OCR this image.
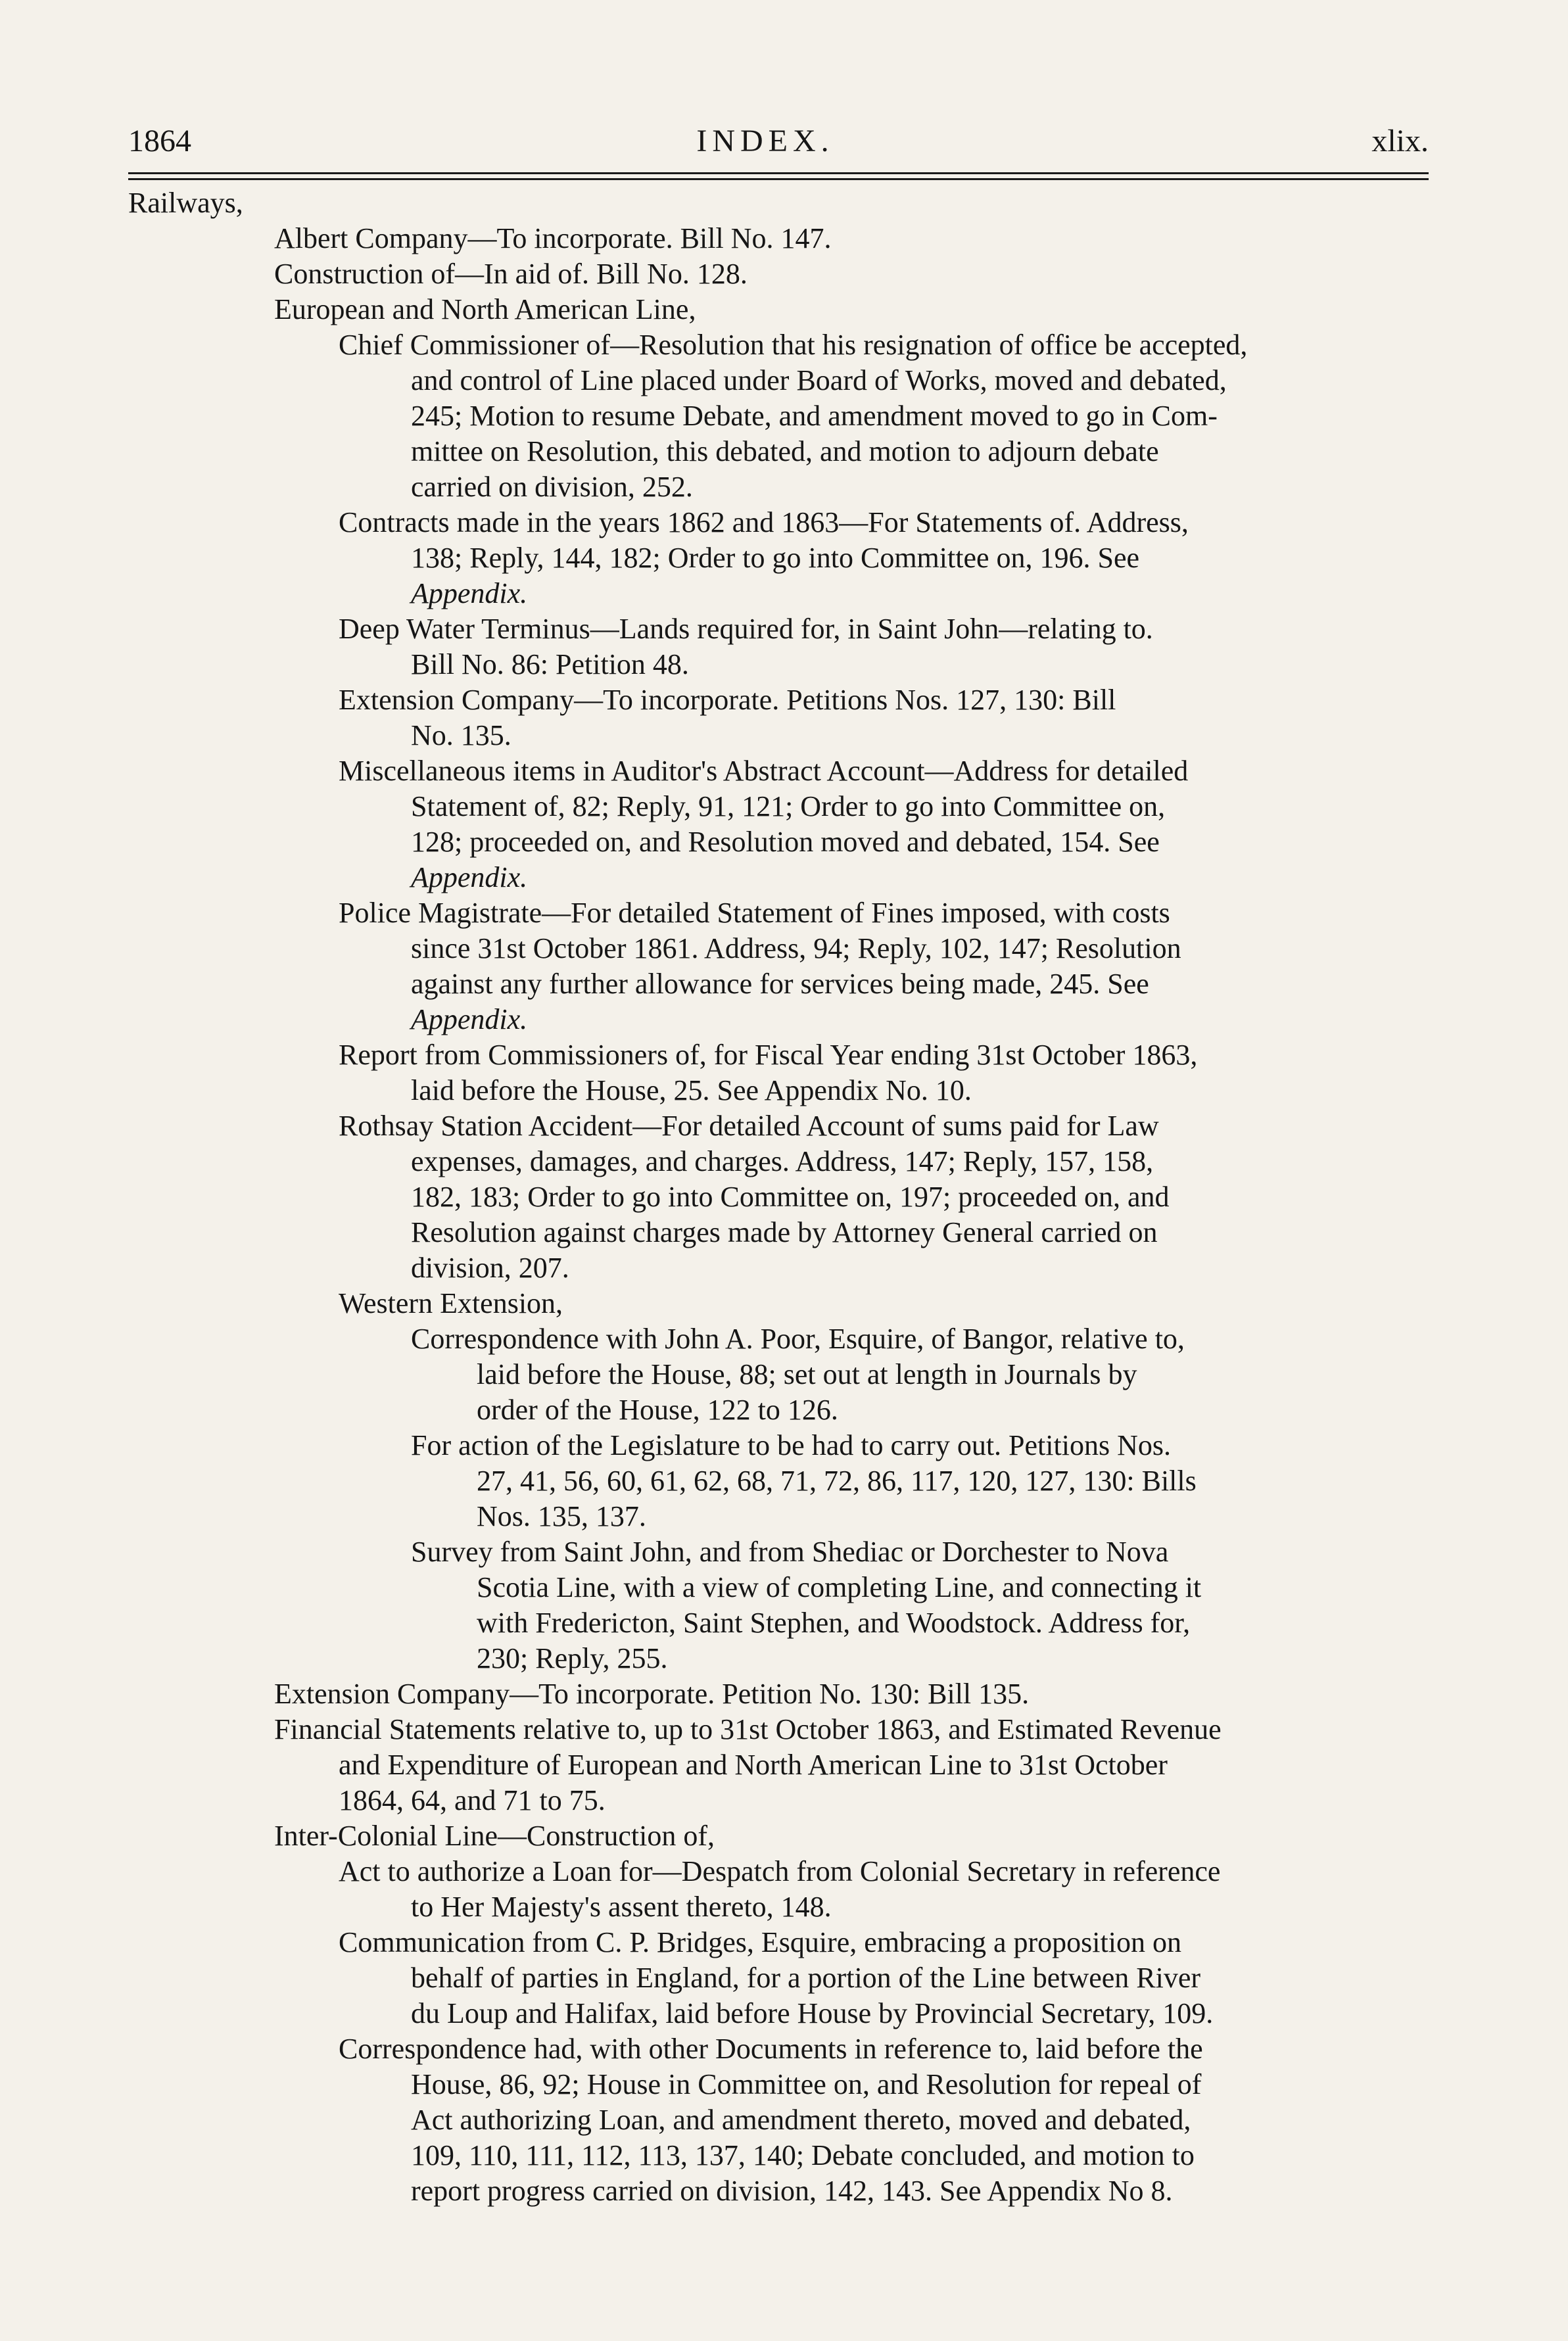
1864	INDEX.	xlix.
Railways,
Albert Company—To incorporate. Bill No. 147.
Construction of—In aid of. Bill No. 128.
European and North American Line,
Chief Commissioner of—Resolution that his resignation of office be accepted,
and control of Line placed under Board of Works, moved and debated,
245; Motion to resume Debate, and amendment moved to go in Com-
mittee on Resolution, this debated, and motion to adjourn debate
carried on division, 252.
Contracts made in the years 1862 and 1863—For Statements of. Address,
138; Reply, 144, 182; Order to go into Committee on, 196. See
Appendix.
Deep Water Terminus—Lands required for, in Saint John—relating to.
Bill No. 86: Petition 48.
Extension Company—To incorporate. Petitions Nos. 127, 130: Bill
No. 135.
Miscellaneous items in Auditor's Abstract Account—Address for detailed
Statement of, 82; Reply, 91, 121; Order to go into Committee on,
128; proceeded on, and Resolution moved and debated, 154. See
Appendix.
Police Magistrate—For detailed Statement of Fines imposed, with costs
since 31st October 1861. Address, 94; Reply, 102, 147; Resolution
against any further allowance for services being made, 245. See
Appendix.
Report from Commissioners of, for Fiscal Year ending 31st October 1863,
laid before the House, 25. See Appendix No. 10.
Rothsay Station Accident—For detailed Account of sums paid for Law
expenses, damages, and charges. Address, 147; Reply, 157, 158,
182, 183; Order to go into Committee on, 197; proceeded on, and
Resolution against charges made by Attorney General carried on
division, 207.
Western Extension,
Correspondence with John A. Poor, Esquire, of Bangor, relative to,
laid before the House, 88; set out at length in Journals by
order of the House, 122 to 126.
For action of the Legislature to be had to carry out. Petitions Nos.
27, 41, 56, 60, 61, 62, 68, 71, 72, 86, 117, 120, 127, 130: Bills
Nos. 135, 137.
Survey from Saint John, and from Shediac or Dorchester to Nova
Scotia Line, with a view of completing Line, and connecting it
with Fredericton, Saint Stephen, and Woodstock. Address for,
230; Reply, 255.
Extension Company—To incorporate. Petition No. 130: Bill 135.
Financial Statements relative to, up to 31st October 1863, and Estimated Revenue
and Expenditure of European and North American Line to 31st October
1864, 64, and 71 to 75.
Inter-Colonial Line—Construction of,
Act to authorize a Loan for—Despatch from Colonial Secretary in reference
to Her Majesty's assent thereto, 148.
Communication from C. P. Bridges, Esquire, embracing a proposition on
behalf of parties in England, for a portion of the Line between River
du Loup and Halifax, laid before House by Provincial Secretary, 109.
Correspondence had, with other Documents in reference to, laid before the
House, 86, 92; House in Committee on, and Resolution for repeal of
Act authorizing Loan, and amendment thereto, moved and debated,
109, 110, 111, 112, 113, 137, 140; Debate concluded, and motion to
report progress carried on division, 142, 143. See Appendix No 8.
